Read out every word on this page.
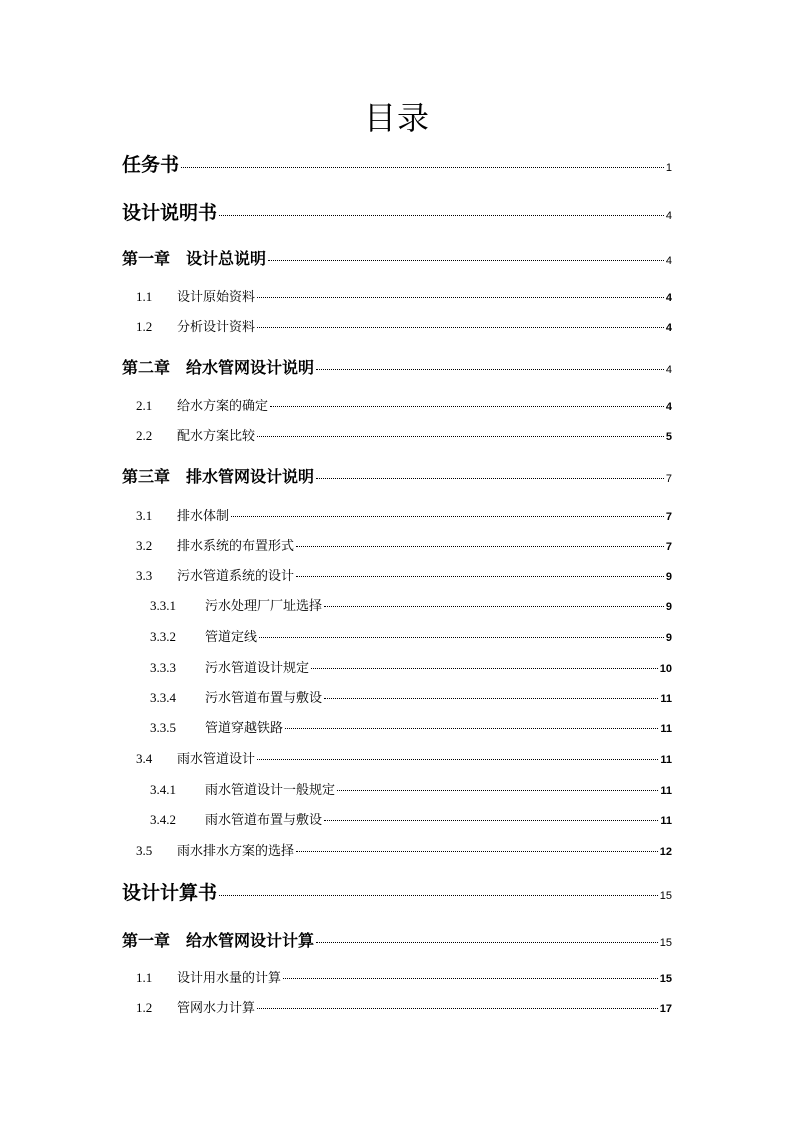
目录
任务书	1
设计说明书	4
第一章 设计总说明	4
1.1	设计原始资料	4
1.2	分析设计资料	4
第二章 给水管网设计说明	4
2.1	给水方案的确定	4
2.2	配水方案比较	5
第三章 排水管网设计说明	7
3.1	排水体制	7
3.2	排水系统的布置形式	7
3.3	污水管道系统的设计	9
3.3.1	污水处理厂厂址选择	9
3.3.2	管道定线	9
3.3.3	污水管道设计规定	10
3.3.4	污水管道布置与敷设	11
3.3.5	管道穿越铁路	11
3.4	雨水管道设计	11
3.4.1	雨水管道设计一般规定	11
3.4.2	雨水管道布置与敷设	11
3.5	雨水排水方案的选择	12
设计计算书	15
第一章 给水管网设计计算	15
1.1	设计用水量的计算	15
1.2	管网水力计算	17
